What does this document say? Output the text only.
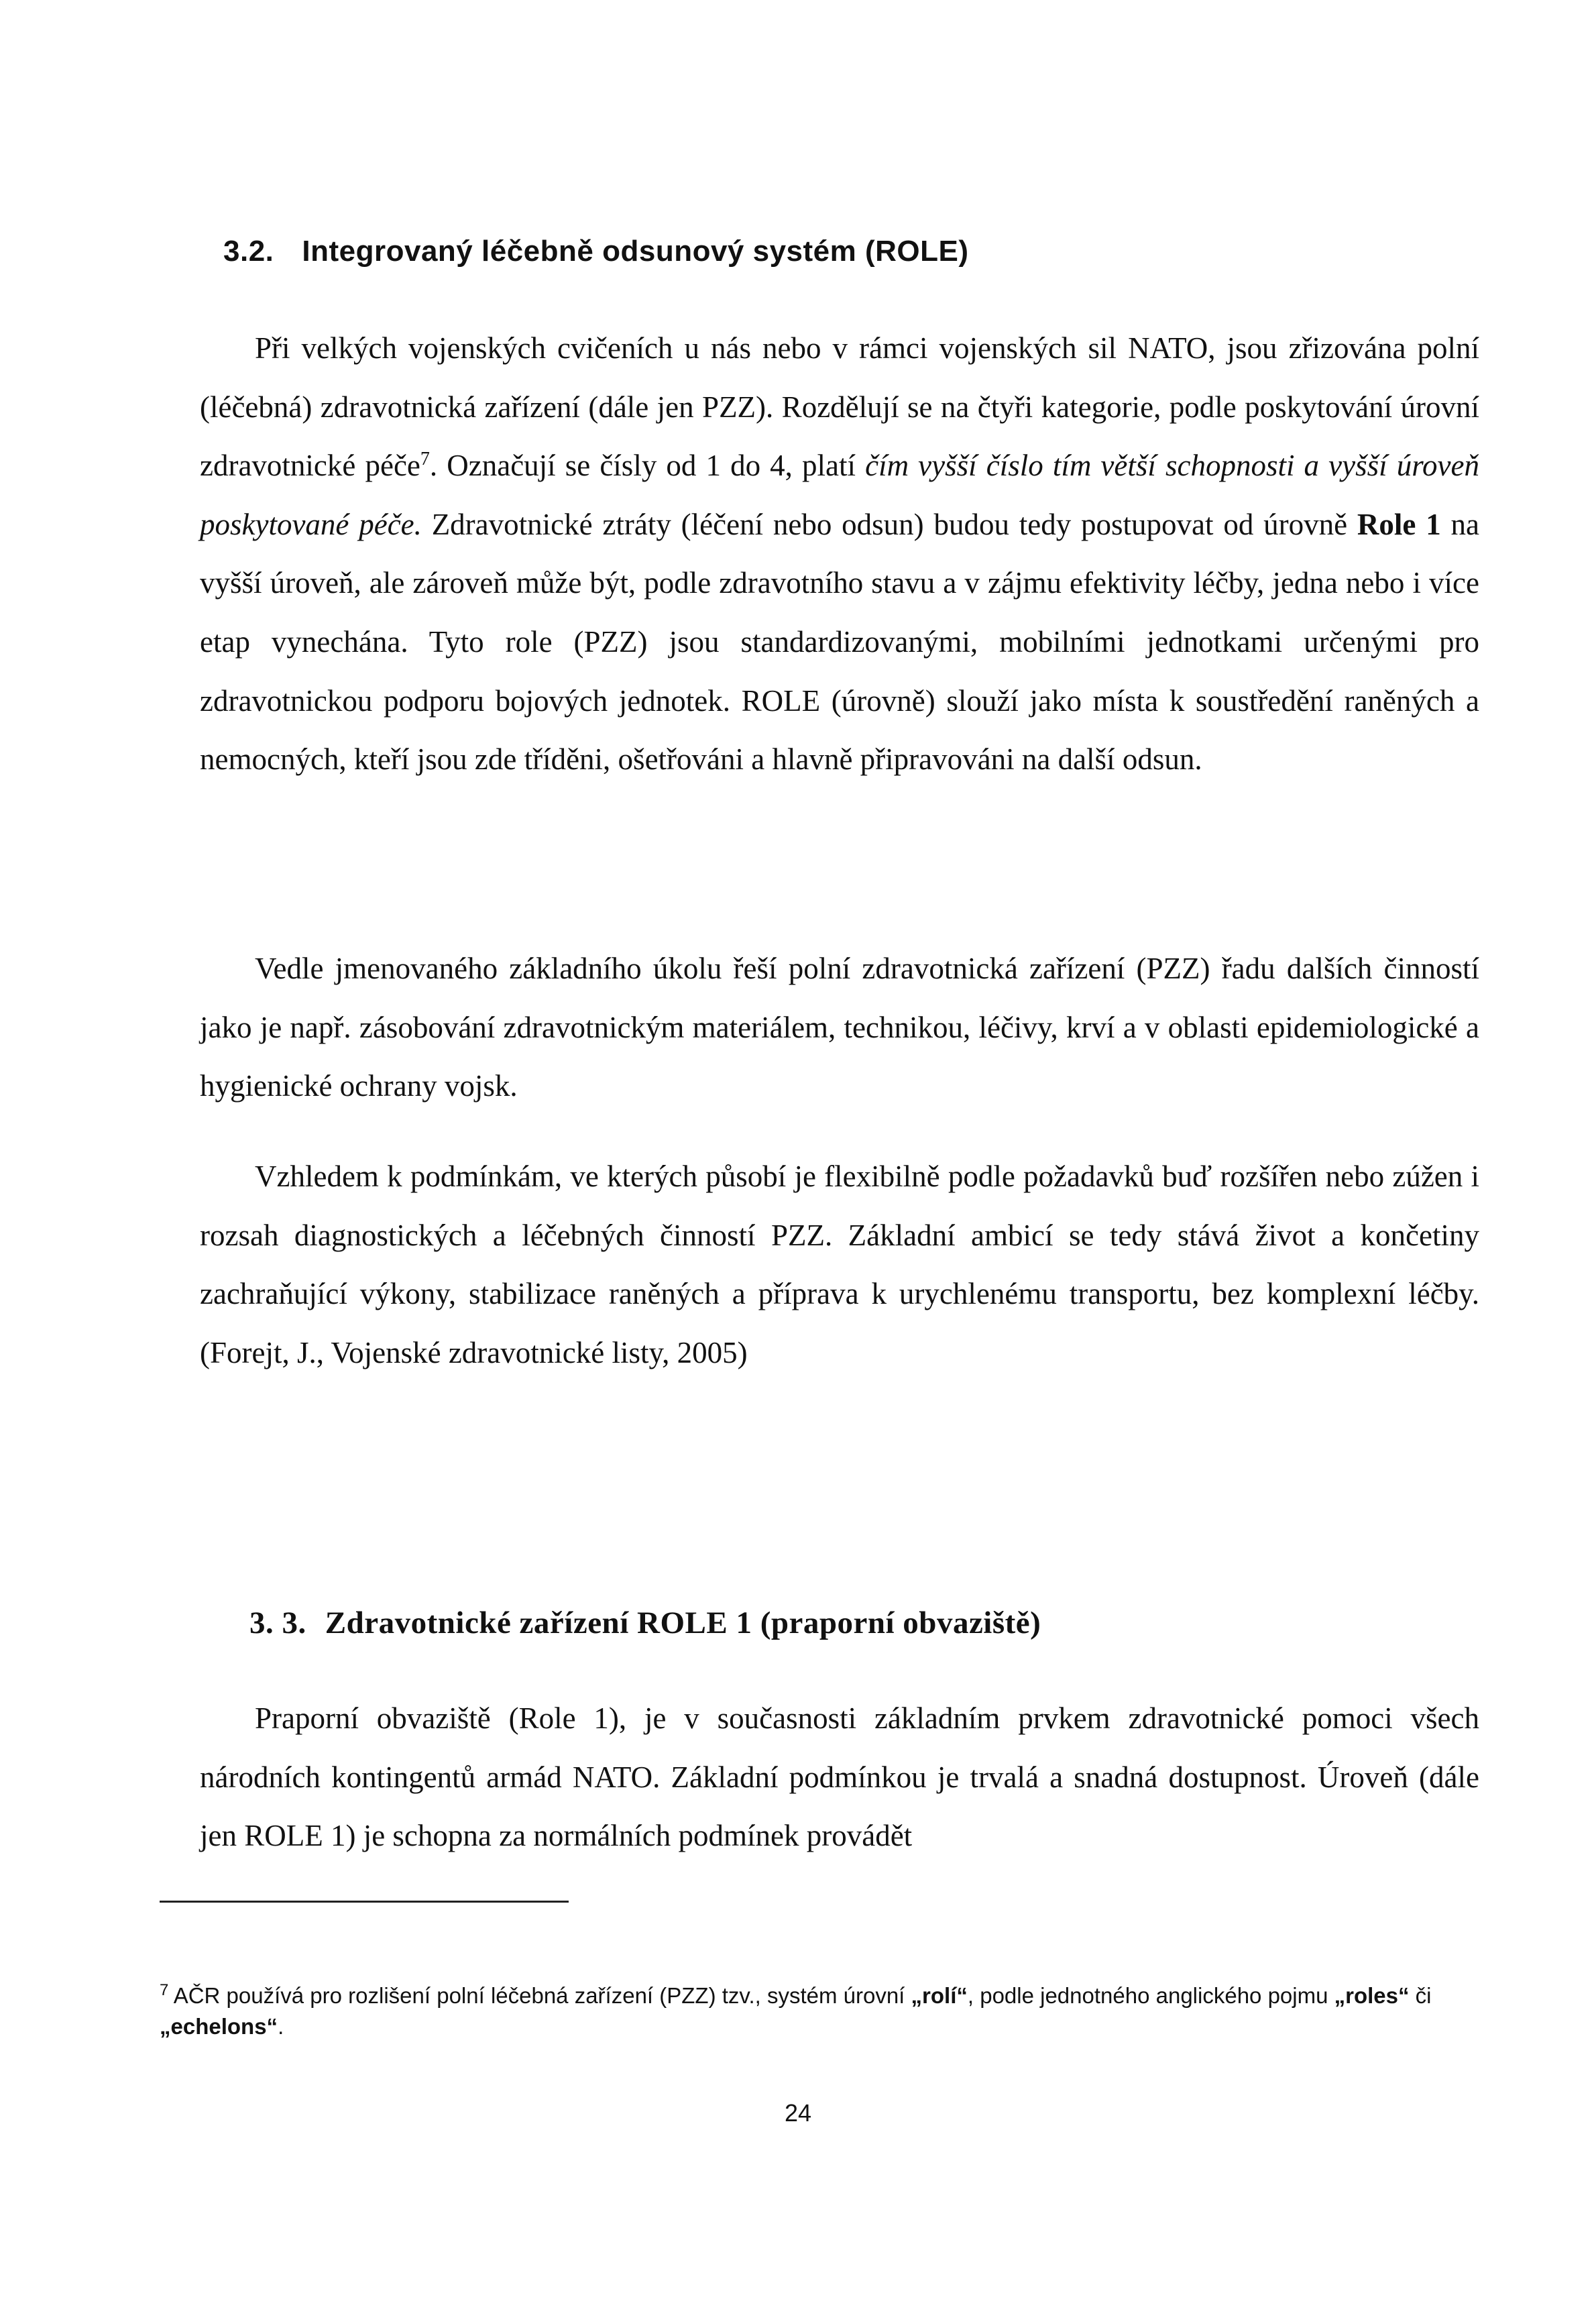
3.2. Integrovaný léčebně odsunový systém (ROLE)

Při velkých vojenských cvičeních u nás nebo v rámci vojenských sil NATO, jsou zřizována polní (léčebná) zdravotnická zařízení (dále jen PZZ). Rozdělují se na čtyři kategorie, podle poskytování úrovní zdravotnické péče$^7$. Označují se čísly od 1 do 4, platí čím vyšší číslo tím větší schopnosti a vyšší úroveň poskytované péče. Zdravotnické ztráty (léčení nebo odsun) budou tedy postupovat od úrovně Role 1 na vyšší úroveň, ale zároveň může být, podle zdravotního stavu a v zájmu efektivity léčby, jedna nebo i více etap vynechána. Tyto role (PZZ) jsou standardizovanými, mobilními jednotkami určenými pro zdravotnickou podporu bojových jednotek. ROLE (úrovně) slouží jako místa k soustředění raněných a nemocných, kteří jsou zde tříděni, ošetřováni a hlavně připravováni na další odsun.

Vedle jmenovaného základního úkolu řeší polní zdravotnická zařízení (PZZ) řadu dalších činností jako je např. zásobování zdravotnickým materiálem, technikou, léčivy, krví a v oblasti epidemiologické a hygienické ochrany vojsk.

Vzhledem k podmínkám, ve kterých působí je flexibilně podle požadavků buď rozšířen nebo zúžen i rozsah diagnostických a léčebných činností PZZ. Základní ambicí se tedy stává život a končetiny zachraňující výkony, stabilizace raněných a příprava k urychlenému transportu, bez komplexní léčby. (Forejt, J., Vojenské zdravotnické listy, 2005)

3. 3. Zdravotnické zařízení ROLE 1 (praporní obvaziště)

Praporní obvaziště (Role 1), je v současnosti základním prvkem zdravotnické pomoci všech národních kontingentů armád NATO. Základní podmínkou je trvalá a snadná dostupnost. Úroveň (dále jen ROLE 1) je schopna za normálních podmínek provádět

$^7$ AČR používá pro rozlišení polní léčebná zařízení (PZZ) tzv., systém úrovní „rolí“, podle jednotného anglického pojmu „roles“ či „echelons“.

24
